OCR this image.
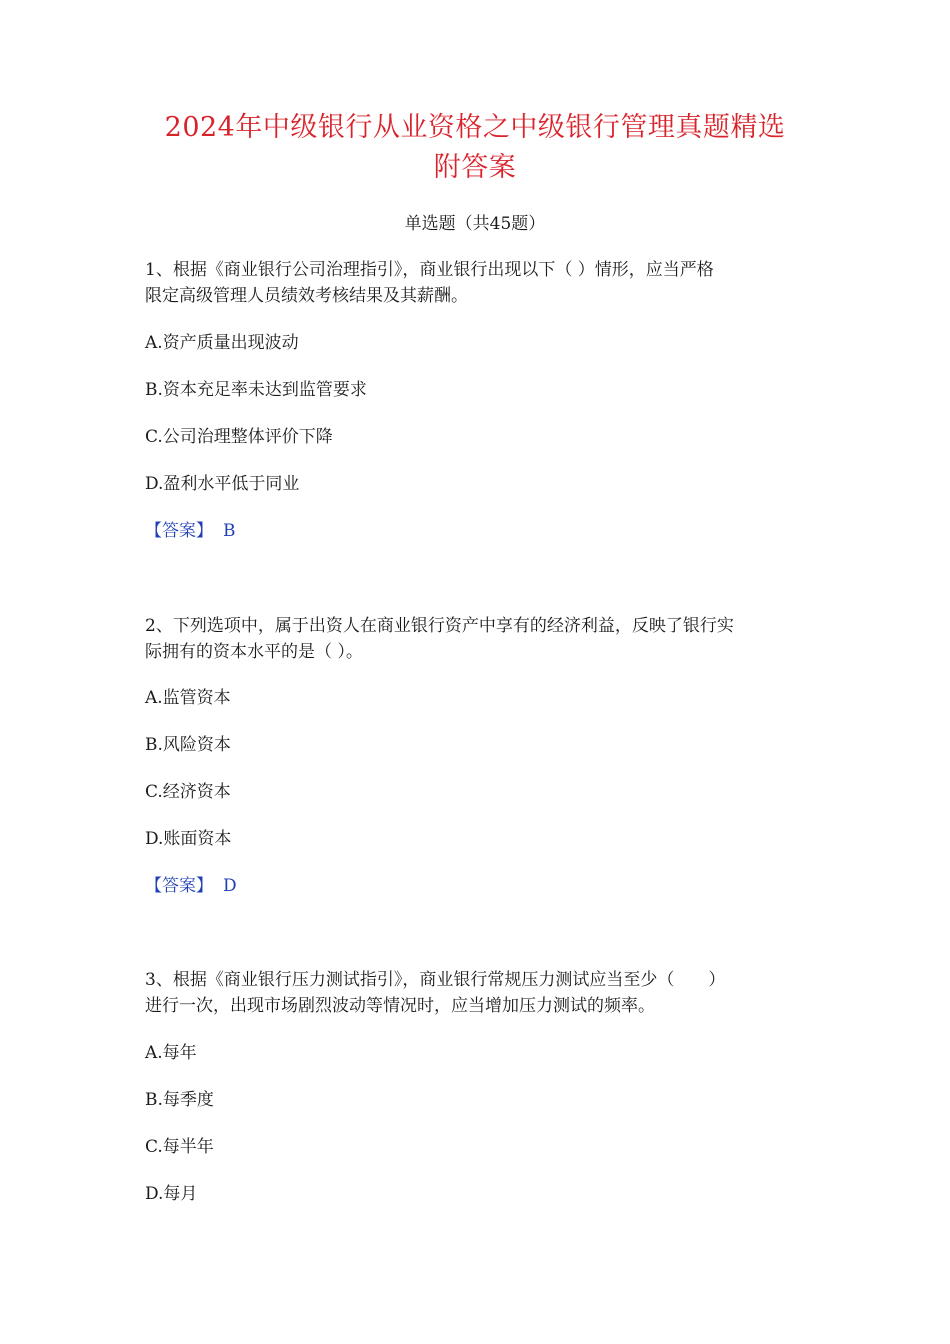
2024年中级银行从业资格之中级银行管理真题精选
附答案

单选题（共45题）

1、根据《商业银行公司治理指引》，商业银行出现以下（ ）情形，应当严格

限定高级管理人员绩效考核结果及其薪酬。

A.资产质量出现波动

B.资本充足率未达到监管要求

C.公司治理整体评价下降

D.盈利水平低于同业

【答案】 B

2、下列选项中，属于出资人在商业银行资产中享有的经济利益，反映了银行实

际拥有的资本水平的是（ ）。

A.监管资本

B.风险资本

C.经济资本

D.账面资本

【答案】 D

3、根据《商业银行压力测试指引》，商业银行常规压力测试应当至少（　　）

进行一次，出现市场剧烈波动等情况时，应当增加压力测试的频率。

A.每年

B.每季度

C.每半年

D.每月
